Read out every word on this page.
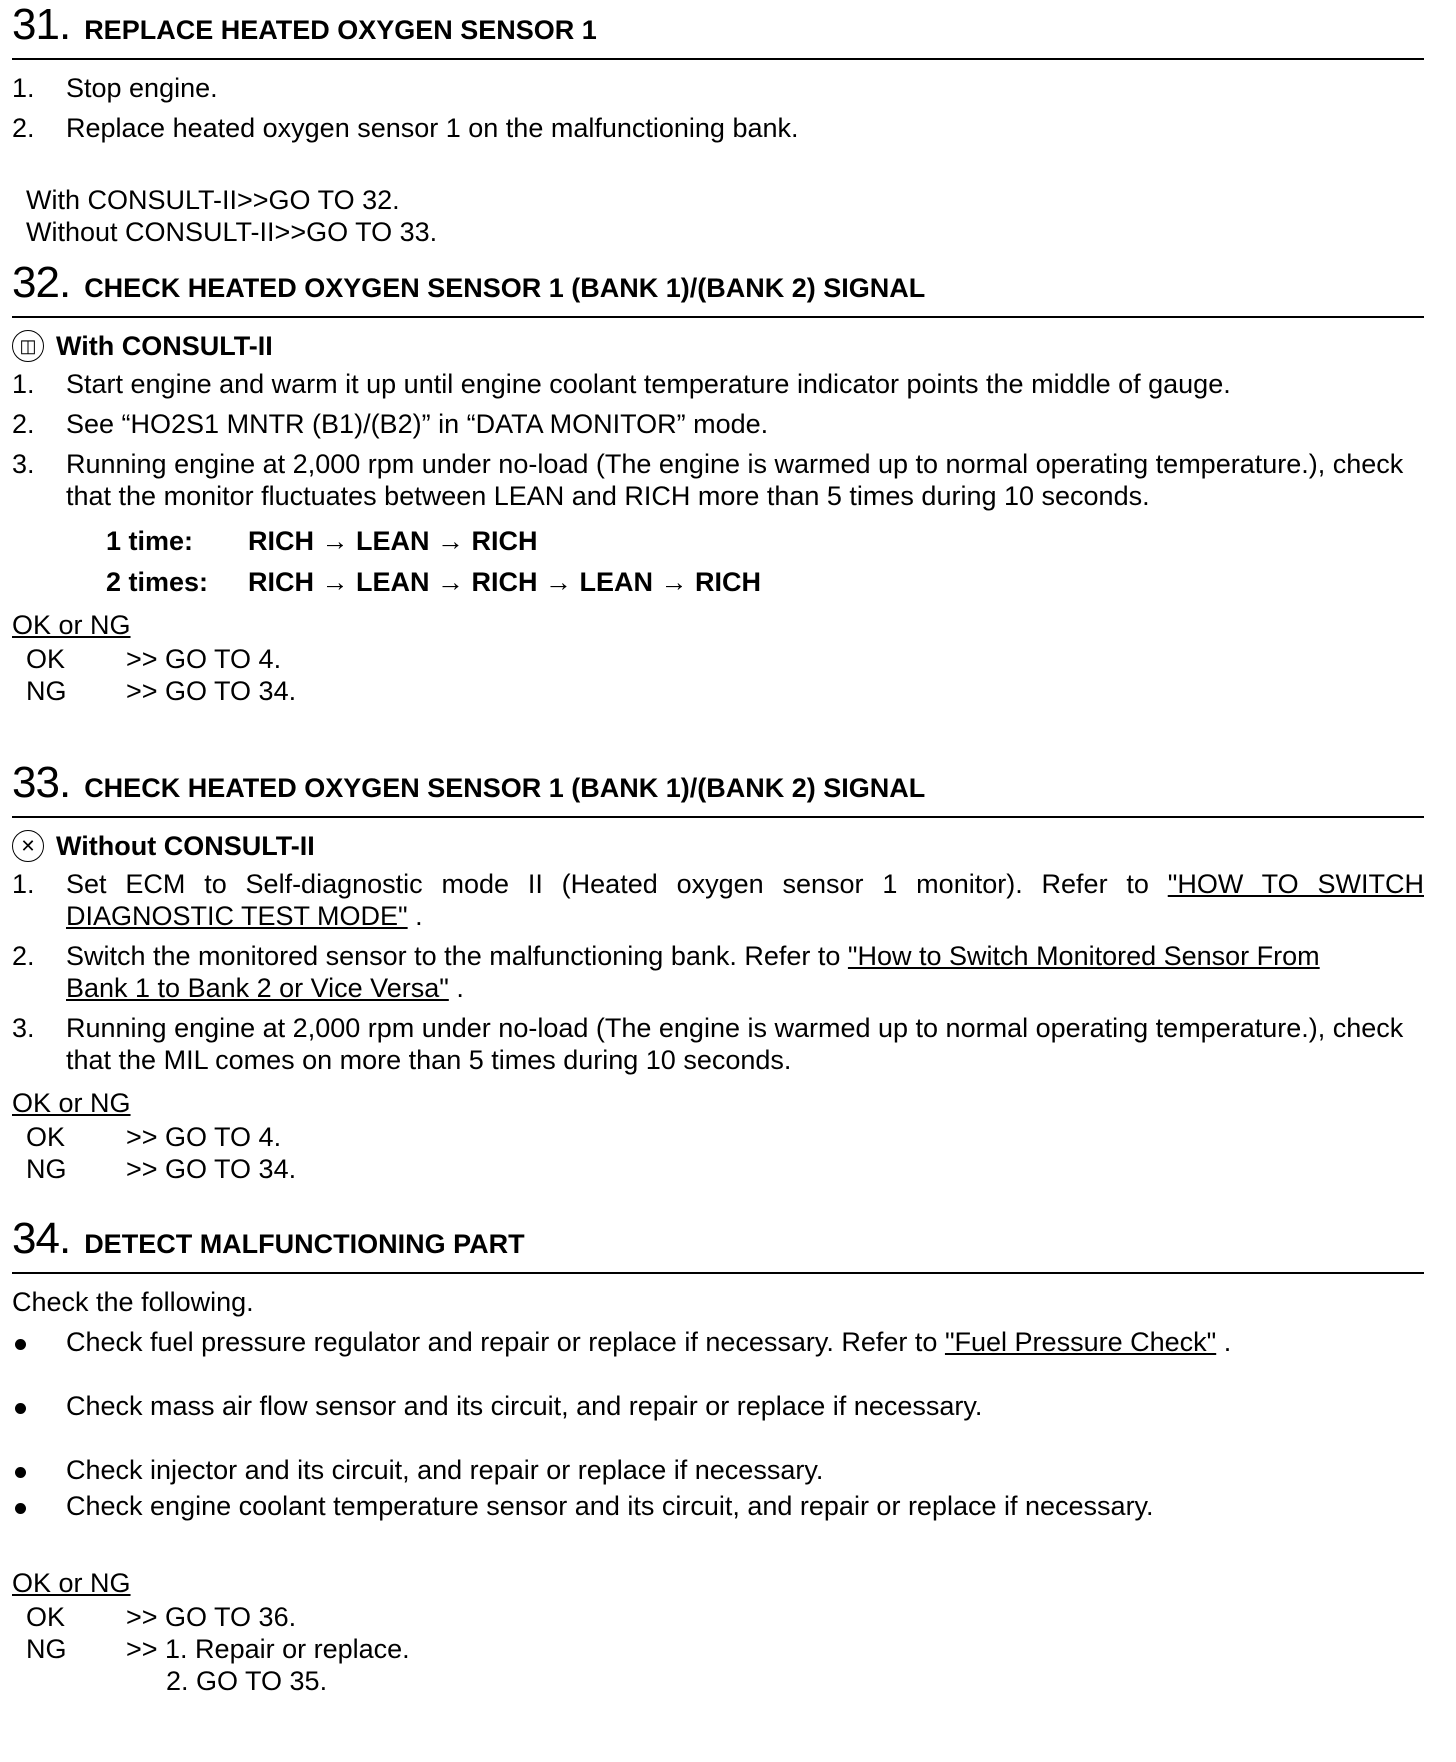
31 . REPLACE HEATED OXYGEN SENSOR 1
1.	Stop engine.
2.	Replace heated oxygen sensor 1 on the malfunctioning bank.
With CONSULT-II>>GO TO 32.
Without CONSULT-II>>GO TO 33.
32 . CHECK HEATED OXYGEN SENSOR 1 (BANK 1)/(BANK 2) SIGNAL
◫ With CONSULT-II
1.	Start engine and warm it up until engine coolant temperature indicator points the middle of gauge.
2.	See “HO2S1 MNTR (B1)/(B2)” in “DATA MONITOR” mode.
3.	Running engine at 2,000 rpm under no-load (The engine is warmed up to normal operating temperature.), check that the monitor fluctuates between LEAN and RICH more than 5 times during 10 seconds.
1 time:	RICH → LEAN → RICH
2 times:	RICH → LEAN → RICH → LEAN → RICH
OK or NG
OK	>> GO TO 4.
NG	>> GO TO 34.
33 . CHECK HEATED OXYGEN SENSOR 1 (BANK 1)/(BANK 2) SIGNAL
✕ Without CONSULT-II
1.	Set ECM to Self-diagnostic mode II (Heated oxygen sensor 1 monitor). Refer to "HOW TO SWITCH DIAGNOSTIC TEST MODE" .
2.	Switch the monitored sensor to the malfunctioning bank. Refer to "How to Switch Monitored Sensor From Bank 1 to Bank 2 or Vice Versa" .
3.	Running engine at 2,000 rpm under no-load (The engine is warmed up to normal operating temperature.), check that the MIL comes on more than 5 times during 10 seconds.
OK or NG
OK	>> GO TO 4.
NG	>> GO TO 34.
34 . DETECT MALFUNCTIONING PART
Check the following.
Check fuel pressure regulator and repair or replace if necessary. Refer to "Fuel Pressure Check" .
Check mass air flow sensor and its circuit, and repair or replace if necessary.
Check injector and its circuit, and repair or replace if necessary.
Check engine coolant temperature sensor and its circuit, and repair or replace if necessary.
OK or NG
OK	>> GO TO 36.
NG	>> 1. Repair or replace.
2. GO TO 35.
